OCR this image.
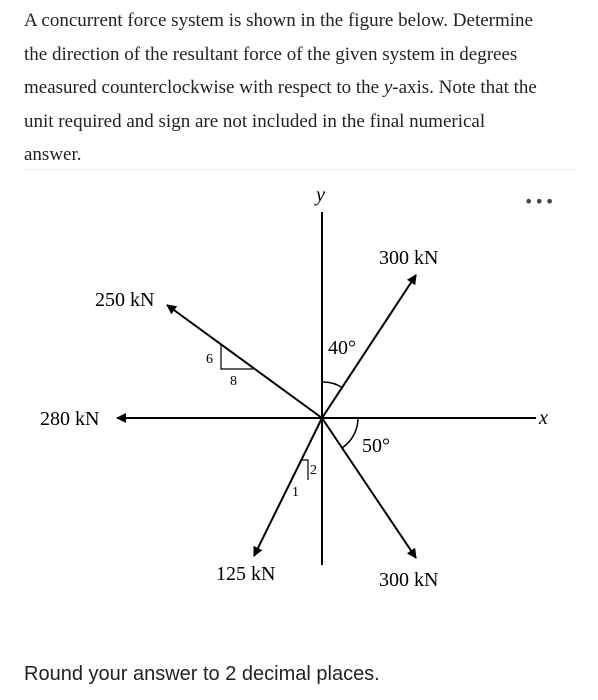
A concurrent force system is shown in the figure below. Determine
the direction of the resultant force of the given system in degrees
measured counterclockwise with respect to the y-axis. Note that the
unit required and sign are not included in the final numerical
answer.
•••
y
x
40°
50°
6
8
2
1
300 kN
250 kN
280 kN
125 kN	300 kN
Round your answer to 2 decimal places.
